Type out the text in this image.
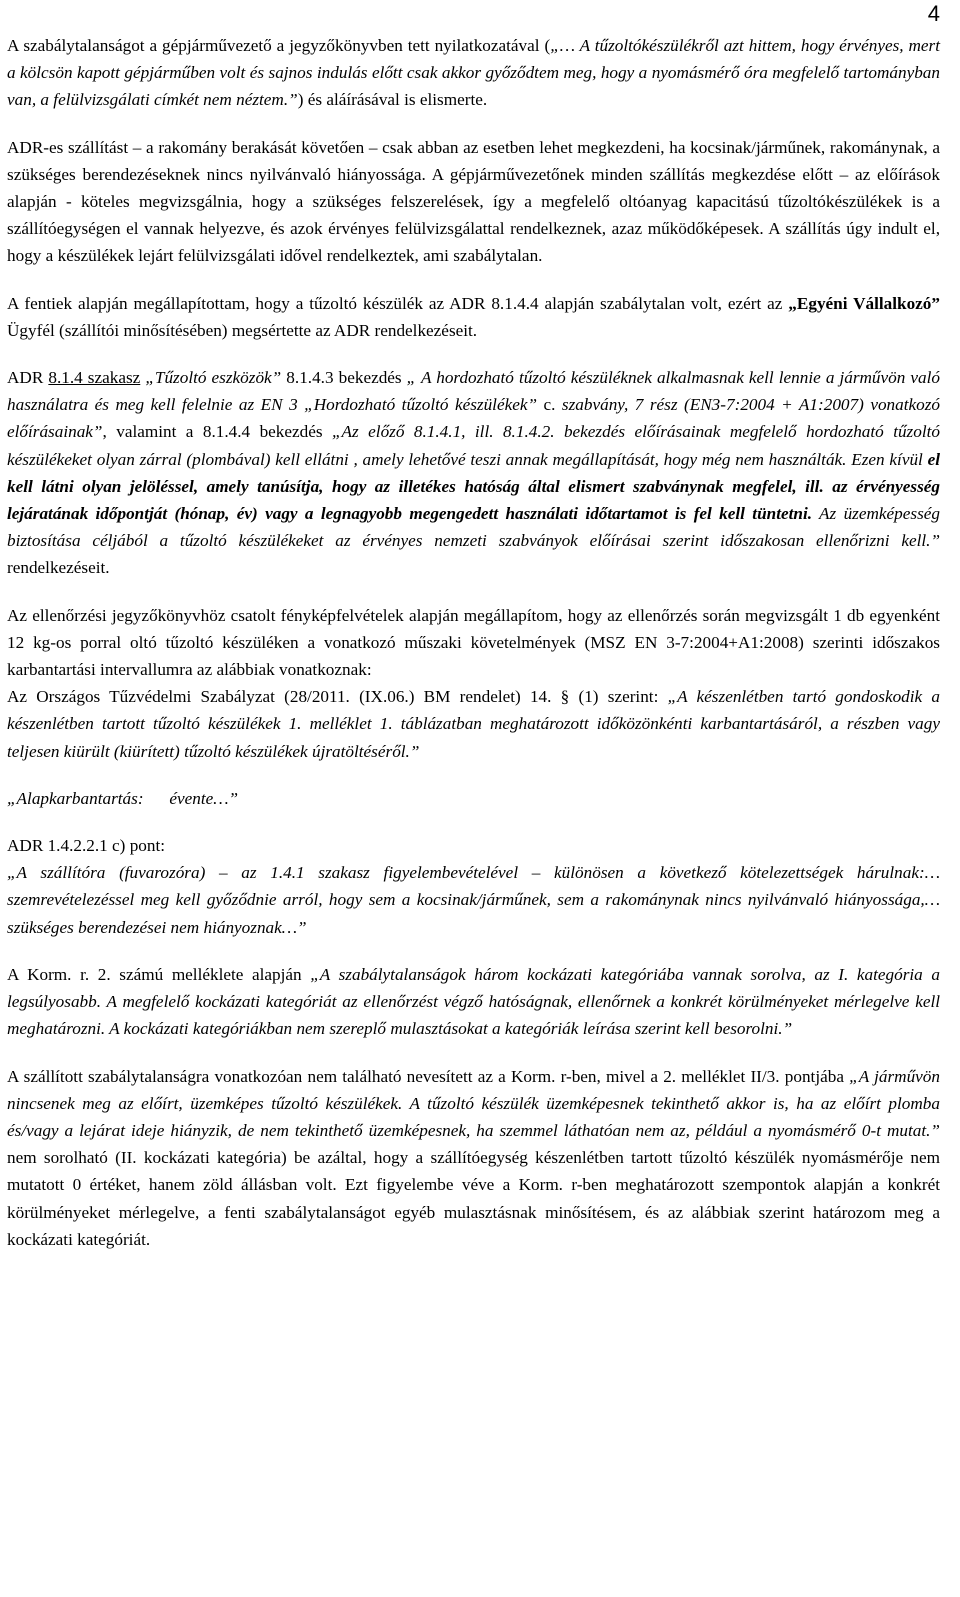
4

A szabálytalanságot a gépjárművezető a jegyzőkönyvben tett nyilatkozatával („… A tűzoltókészülékről azt hittem, hogy érvényes, mert a kölcsön kapott gépjárműben volt és sajnos indulás előtt csak akkor győződtem meg, hogy a nyomásmérő óra megfelelő tartományban van, a felülvizsgálati címkét nem néztem.”) és aláírásával is elismerte.

ADR-es szállítást – a rakomány berakását követően – csak abban az esetben lehet megkezdeni, ha kocsinak/járműnek, rakománynak, a szükséges berendezéseknek nincs nyilvánvaló hiányossága. A gépjárművezetőnek minden szállítás megkezdése előtt – az előírások alapján - köteles megvizsgálnia, hogy a szükséges felszerelések, így a megfelelő oltóanyag kapacitású tűzoltókészülékek is a szállítóegységen el vannak helyezve, és azok érvényes felülvizsgálattal rendelkeznek, azaz működőképesek. A szállítás úgy indult el, hogy a készülékek lejárt felülvizsgálati idővel rendelkeztek, ami szabálytalan.

A fentiek alapján megállapítottam, hogy a tűzoltó készülék az ADR 8.1.4.4 alapján szabálytalan volt, ezért az „Egyéni Vállalkozó” Ügyfél (szállítói minősítésében) megsértette az ADR rendelkezéseit.

ADR 8.1.4 szakasz „Tűzoltó eszközök” 8.1.4.3 bekezdés „ A hordozható tűzoltó készüléknek alkalmasnak kell lennie a járművön való használatra és meg kell felelnie az EN 3 „Hordozható tűzoltó készülékek” c. szabvány, 7 rész (EN3-7:2004 + A1:2007) vonatkozó előírásainak”, valamint a 8.1.4.4 bekezdés „Az előző 8.1.4.1, ill. 8.1.4.2. bekezdés előírásainak megfelelő hordozható tűzoltó készülékeket olyan zárral (plombával) kell ellátni , amely lehetővé teszi annak megállapítását, hogy még nem használták. Ezen kívül el kell látni olyan jelöléssel, amely tanúsítja, hogy az illetékes hatóság által elismert szabványnak megfelel, ill. az érvényesség lejáratának időpontját (hónap, év) vagy a legnagyobb megengedett használati időtartamot is fel kell tüntetni. Az üzemképesség biztosítása céljából a tűzoltó készülékeket az érvényes nemzeti szabványok előírásai szerint időszakosan ellenőrizni kell.” rendelkezéseit.

Az ellenőrzési jegyzőkönyvhöz csatolt fényképfelvételek alapján megállapítom, hogy az ellenőrzés során megvizsgált 1 db egyenként 12 kg-os porral oltó tűzoltó készüléken a vonatkozó műszaki követelmények (MSZ EN 3-7:2004+A1:2008) szerinti időszakos karbantartási intervallumra az alábbiak vonatkoznak:
Az Országos Tűzvédelmi Szabályzat (28/2011. (IX.06.) BM rendelet) 14. § (1) szerint: „A készenlétben tartó gondoskodik a készenlétben tartott tűzoltó készülékek 1. melléklet 1. táblázatban meghatározott időközönkénti karbantartásáról, a részben vagy teljesen kiürült (kiürített) tűzoltó készülékek újratöltéséről.”

„Alapkarbantartás:      évente…”

ADR 1.4.2.2.1 c) pont:
„A szállítóra (fuvarozóra) – az 1.4.1 szakasz figyelembevételével – különösen a következő kötelezettségek hárulnak:… szemrevételezéssel meg kell győződnie arról, hogy sem a kocsinak/járműnek, sem a rakománynak nincs nyilvánvaló hiányossága,… szükséges berendezései nem hiányoznak…”

A Korm. r. 2. számú melléklete alapján „A szabálytalanságok három kockázati kategóriába vannak sorolva, az I. kategória a legsúlyosabb. A megfelelő kockázati kategóriát az ellenőrzést végző hatóságnak, ellenőrnek a konkrét körülményeket mérlegelve kell meghatározni. A kockázati kategóriákban nem szereplő mulasztásokat a kategóriák leírása szerint kell besorolni.”

A szállított szabálytalanságra vonatkozóan nem található nevesített az a Korm. r-ben, mivel a 2. melléklet II/3. pontjába „A járművön nincsenek meg az előírt, üzemképes tűzoltó készülékek. A tűzoltó készülék üzemképesnek tekinthető akkor is, ha az előírt plomba és/vagy a lejárat ideje hiányzik, de nem tekinthető üzemképesnek, ha szemmel láthatóan nem az, például a nyomásmérő 0-t mutat.” nem sorolható (II. kockázati kategória) be azáltal, hogy a szállítóegység készenlétben tartott tűzoltó készülék nyomásmérője nem mutatott 0 értéket, hanem zöld állásban volt. Ezt figyelembe véve a Korm. r-ben meghatározott szempontok alapján a konkrét körülményeket mérlegelve, a fenti szabálytalanságot egyéb mulasztásnak minősítésem, és az alábbiak szerint határozom meg a kockázati kategóriát.
